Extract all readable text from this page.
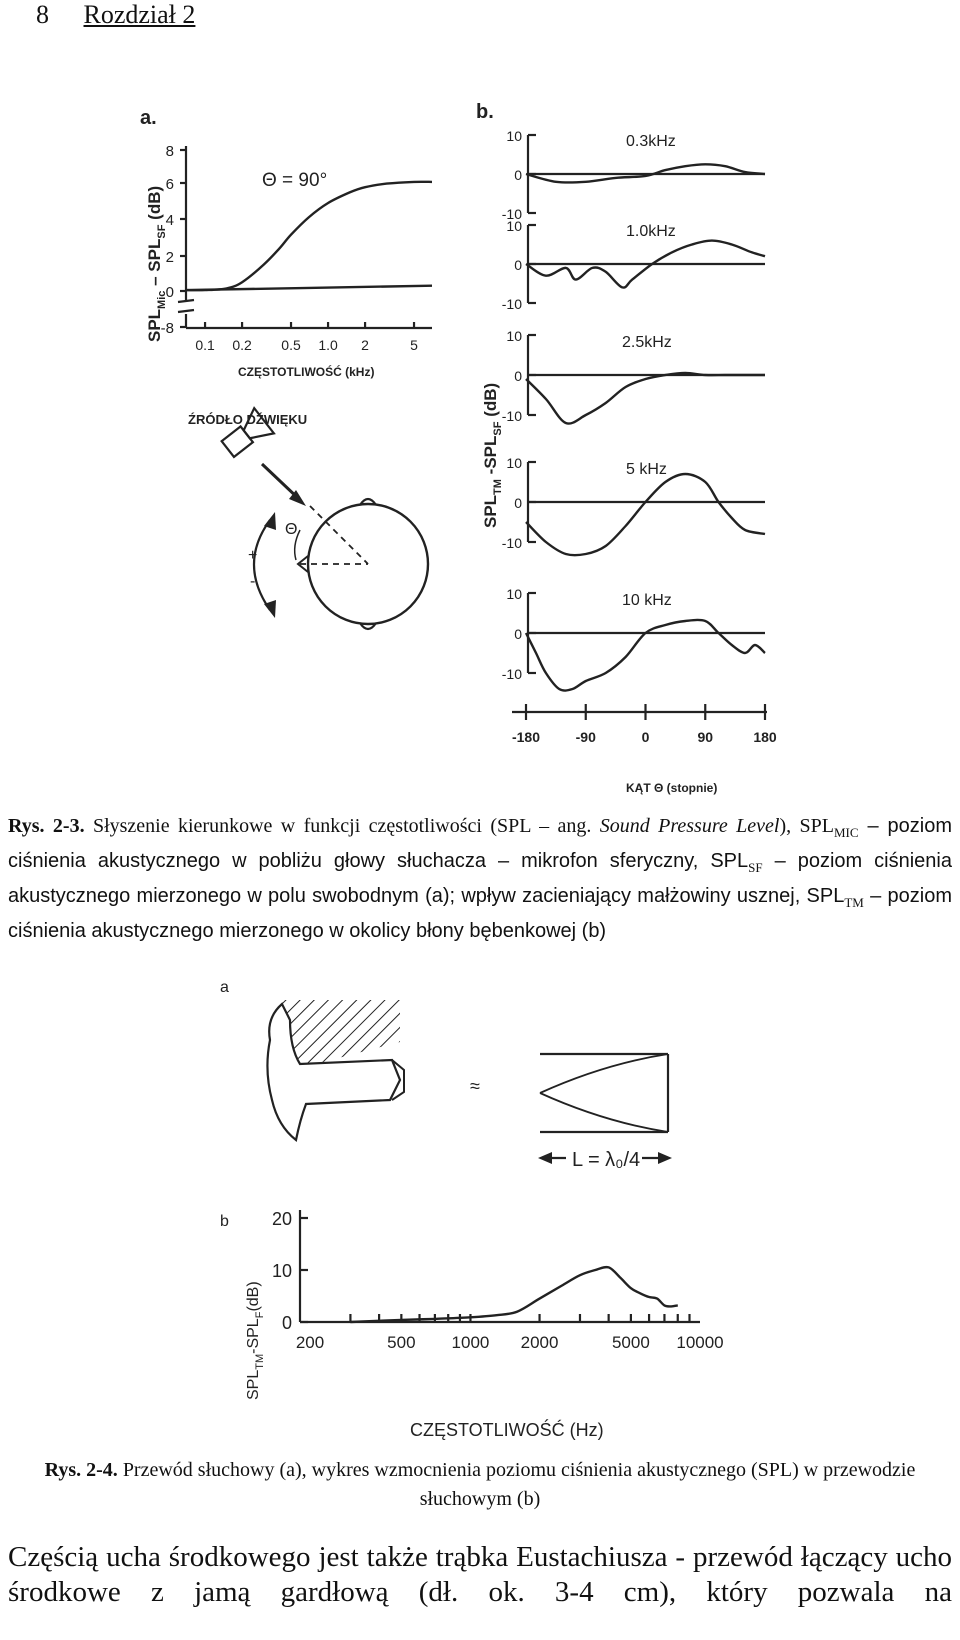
8 Rozdział 2
a.
$SPL_{Mic} - SPL_{SF}$ (dB)
8
6
4
2
0
-8
0.1 0.2 0.5 1.0 2	5
Θ = 90°
CZĘSTOTLIWOŚĆ (kHz)
ŹRÓDŁO DŹWIĘKU
Θ
+
-
b.
$SPL_{TM}$ $-SPL_{SF}$ (dB)
10
0
-10
0.3kHz
10
0
-10
1.0kHz
10
0
-10
2.5kHz
10
0
-10
5 kHz
10
0
-10
10 kHz
-180	-90	0	90	180
KĄT Θ (stopnie)
Rys. 2-3. Słyszenie kierunkowe w funkcji częstotliwości (SPL – ang. Sound Pressure Level), $SPL_{MIC}$ – poziom ciśnienia akustycznego w pobliżu głowy słuchacza – mikrofon sferyczny, $SPL_{SF}$ – poziom ciśnienia akustycznego mierzonego w polu swobodnym (a); wpływ zacieniający małżowiny usznej, $SPL_{TM}$ – poziom ciśnienia akustycznego mierzonego w okolicy błony bębenkowej (b)
a
≈
L = λ₀/4
b
$SPL_{TM}-SPL_F(dB)$
20
10
0
200	500 1000 2000	5000 10000
CZĘSTOTLIWOŚĆ (Hz)
Rys. 2-4. Przewód słuchowy (a), wykres wzmocnienia poziomu ciśnienia akustycznego (SPL) w przewodzie słuchowym (b)
Częścią ucha środkowego jest także trąbka Eustachiusza - przewód łączący ucho środkowe z jamą gardłową (dł. ok. 3-4 cm), który pozwala na
